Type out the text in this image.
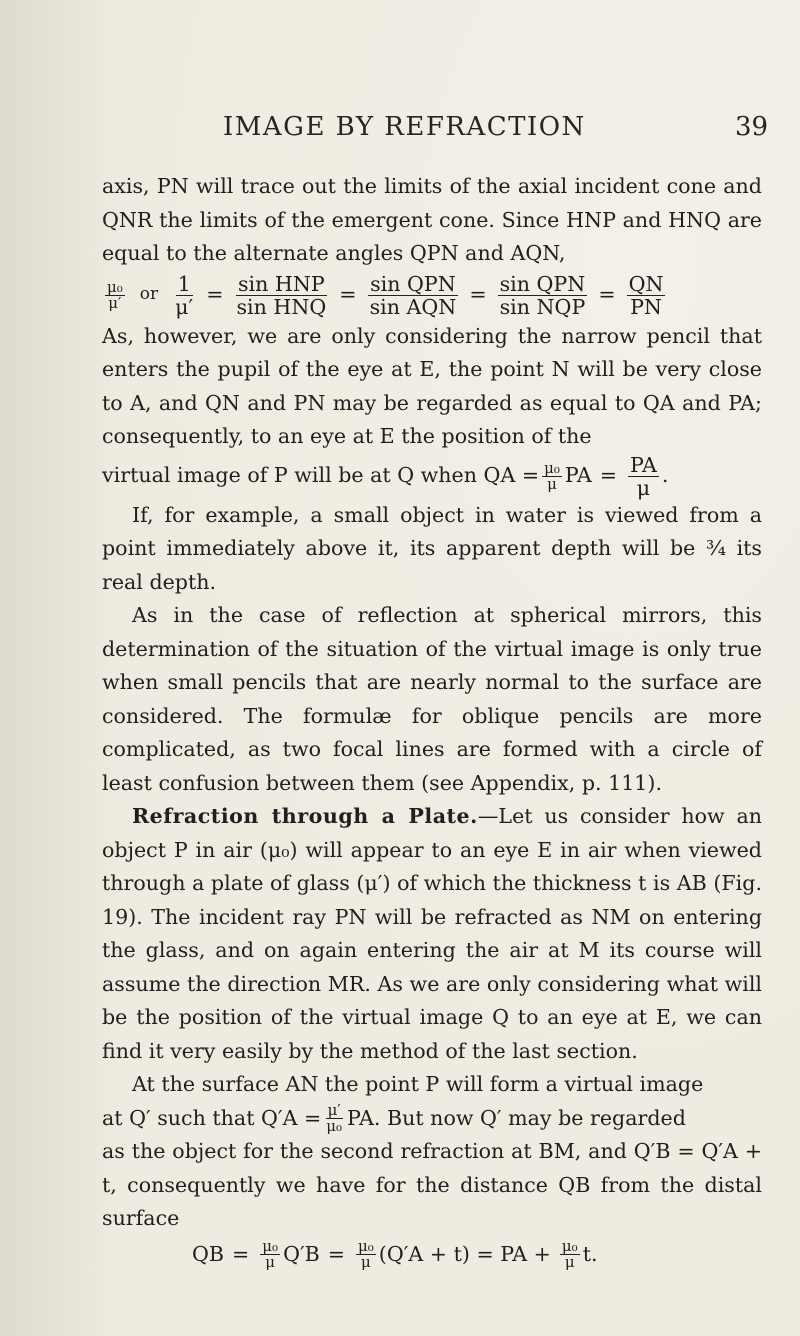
IMAGE BY REFRACTION	39

axis, PN will trace out the limits of the axial incident cone and QNR the limits of the emergent cone. Since HNP and HNQ are equal to the alternate angles QPN and AQN,

$\frac{\text{μ₀}}{\mu'}$ or $\frac{1}{\mu'} = \frac{\text{sin HNP}}{\text{sin HNQ}} = \frac{\text{sin QPN}}{\text{sin AQN}} = \frac{\text{sin QPN}}{\text{sin NQP}} = \frac{QN}{PN}$

As, however, we are only considering the narrow pencil that enters the pupil of the eye at E, the point N will be very close to A, and QN and PN may be regarded as equal to QA and PA; consequently, to an eye at E the position of the

virtual image of P will be at Q when QA = $\frac{\text{μ₀}}{\mu}$ PA = $\frac{PA}{\mu}$ .

If, for example, a small object in water is viewed from a point immediately above it, its apparent depth will be ¾ its real depth.

As in the case of reflection at spherical mirrors, this determination of the situation of the virtual image is only true when small pencils that are nearly normal to the surface are considered. The formulæ for oblique pencils are more complicated, as two focal lines are formed with a circle of least confusion between them (see Appendix, p. 111).

Refraction through a Plate.—Let us consider how an object P in air (μ₀) will appear to an eye E in air when viewed through a plate of glass (μ′) of which the thickness t is AB (Fig. 19). The incident ray PN will be refracted as NM on entering the glass, and on again entering the air at M its course will assume the direction MR. As we are only considering what will be the position of the virtual image Q to an eye at E, we can find it very easily by the method of the last section.

At the surface AN the point P will form a virtual image

at Q′ such that $Q'A = \frac{\mu'}{\text{μ₀}}$ PA. But now Q′ may be regarded

as the object for the second refraction at BM, and Q′B = Q′A + t, consequently we have for the distance QB from the distal surface

QB = $\frac{\text{μ₀}}{\mu} Q'B = \frac{\text{μ₀}}{\mu} (Q'A + t)$ = PA + $\frac{\text{μ₀}}{\mu} t$.
